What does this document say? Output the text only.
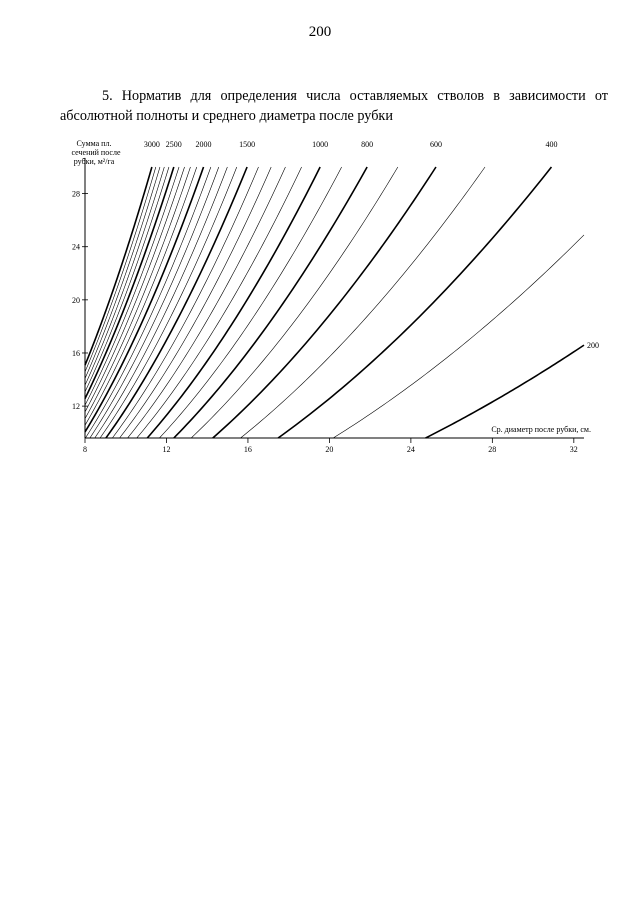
200
5. Норматив для определения числа оставляемых стволов в зависимости от абсолютной полноты и среднего диаметра после рубки
8	12	16	20	24	28	32
12
16
20
24
28
3000 2500 2000	1500	1000	800	600	400
200
Сумма пл.
сечений после
рубки, м²/га
Ср. диаметр после рубки, см.
